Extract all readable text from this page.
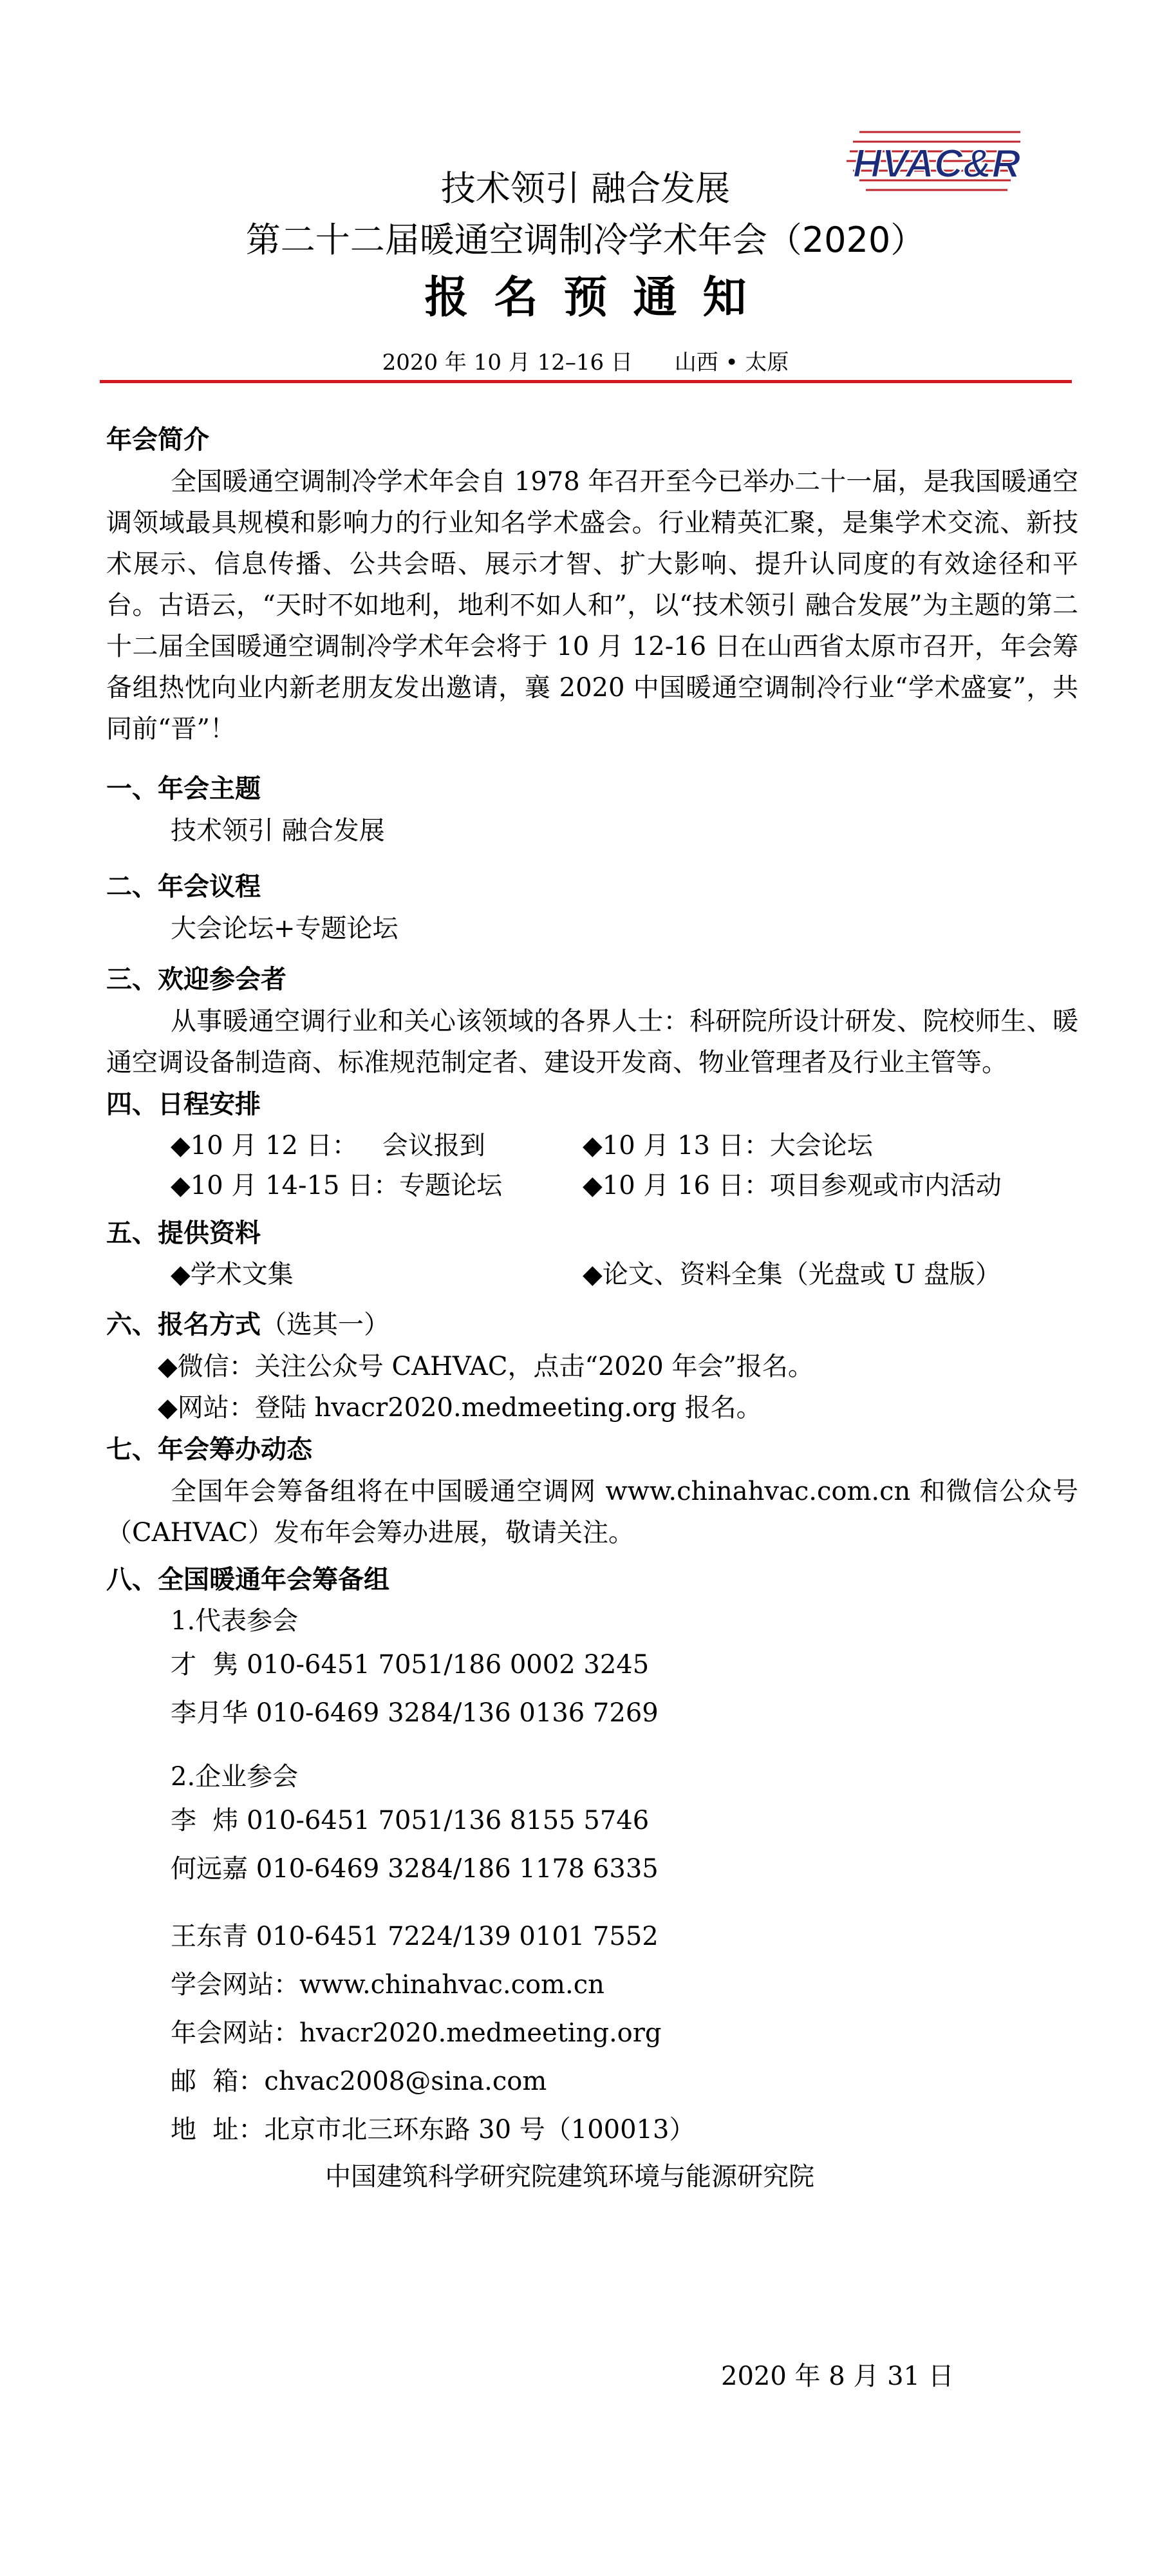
HVAC&R
技术领引 融合发展
第二十二届暖通空调制冷学术年会（2020）
报名预通知
2020 年 10 月 12–16 日      山西 • 太原
年会简介
全国暖通空调制冷学术年会自 1978 年召开至今已举办二十一届，是我国暖通空调领域最具规模和影响力的行业知名学术盛会。行业精英汇聚，是集学术交流、新技术展示、信息传播、公共会晤、展示才智、扩大影响、提升认同度的有效途径和平台。古语云，“天时不如地利，地利不如人和”，以“技术领引 融合发展”为主题的第二十二届全国暖通空调制冷学术年会将于 10 月 12-16 日在山西省太原市召开，年会筹备组热忱向业内新老朋友发出邀请，襄 2020 中国暖通空调制冷行业“学术盛宴”，共同前“晋”！
一、年会主题
技术领引 融合发展
二、年会议程
大会论坛+专题论坛
三、欢迎参会者
从事暖通空调行业和关心该领域的各界人士：科研院所设计研发、院校师生、暖通空调设备制造商、标准规范制定者、建设开发商、物业管理者及行业主管等。
四、日程安排
◆10 月 12 日：   会议报到	◆10 月 13 日：大会论坛
◆10 月 14-15 日：专题论坛	◆10 月 16 日：项目参观或市内活动
五、提供资料
◆学术文集	◆论文、资料全集（光盘或 U 盘版）
六、报名方式（选其一）
◆微信：关注公众号 CAHVAC，点击“2020 年会”报名。
◆网站：登陆 hvacr2020.medmeeting.org 报名。
七、年会筹办动态
全国年会筹备组将在中国暖通空调网 www.chinahvac.com.cn 和微信公众号（CAHVAC）发布年会筹办进展，敬请关注。
八、全国暖通年会筹备组
1.代表参会
才  隽 010-6451 7051/186 0002 3245
李月华 010-6469 3284/136 0136 7269
2.企业参会
李  炜 010-6451 7051/136 8155 5746
何远嘉 010-6469 3284/186 1178 6335
王东青 010-6451 7224/139 0101 7552
学会网站：www.chinahvac.com.cn
年会网站：hvacr2020.medmeeting.org
邮  箱：chvac2008@sina.com
地  址：北京市北三环东路 30 号（100013）
中国建筑科学研究院建筑环境与能源研究院
2020 年 8 月 31 日
